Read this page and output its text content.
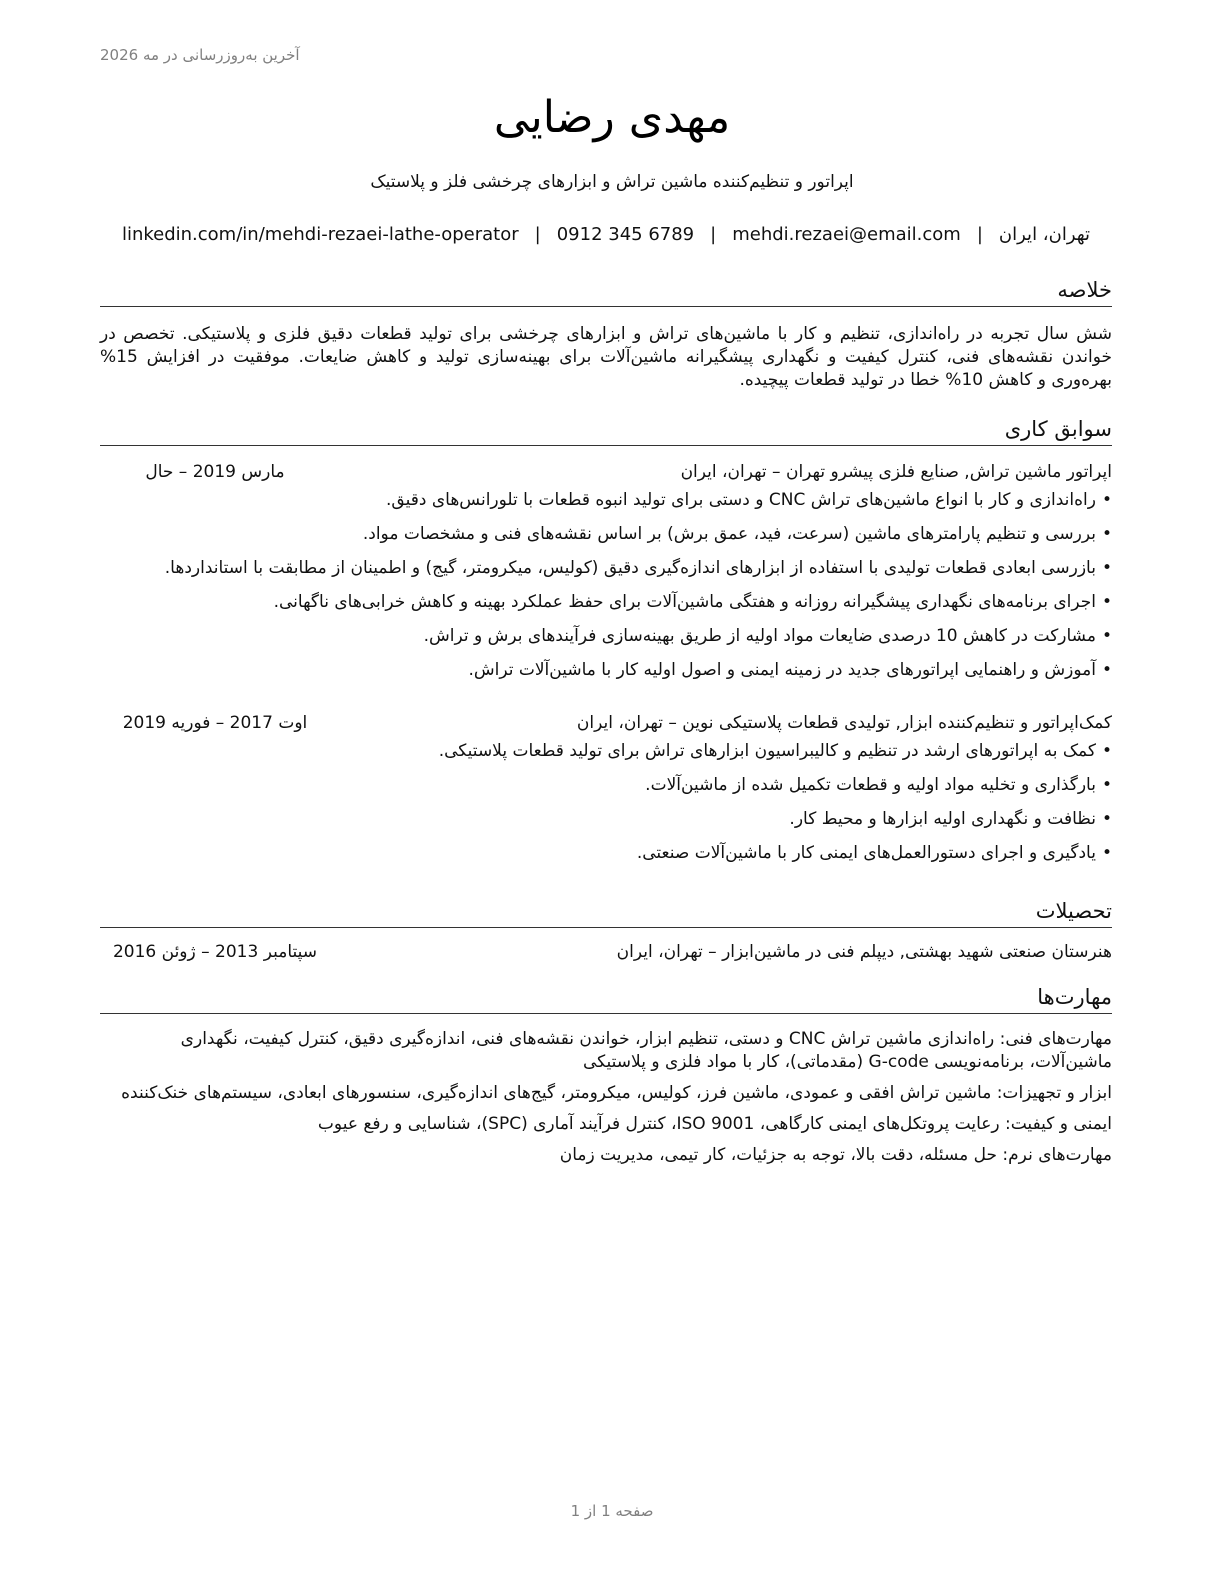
آخرین به‌روزرسانی در مه 2026
مهدی رضایی
اپراتور و تنظیم‌کننده ماشین تراش و ابزارهای چرخشی فلز و پلاستیک
تهران، ایران
|
mehdi.rezaei@email.com
|
0912 345 6789
|
linkedin.com/in/mehdi-rezaei-lathe-operator
خلاصه
شش سال تجربه در راه‌اندازی، تنظیم و کار با ماشین‌های تراش و ابزارهای چرخشی برای تولید قطعات دقیق فلزی و پلاستیکی. تخصص در خواندن نقشه‌های فنی، کنترل کیفیت و نگهداری پیشگیرانه ماشین‌آلات برای بهینه‌سازی تولید و کاهش ضایعات. موفقیت در افزایش 15% بهره‌وری و کاهش 10% خطا در تولید قطعات پیچیده.
سوابق کاری
اپراتور ماشین تراش, صنایع فلزی پیشرو تهران – تهران، ایران
مارس 2019 – حال
• راه‌اندازی و کار با انواع ماشین‌های تراش CNC و دستی برای تولید انبوه قطعات با تلورانس‌های دقیق.
• بررسی و تنظیم پارامترهای ماشین (سرعت، فید، عمق برش) بر اساس نقشه‌های فنی و مشخصات مواد.
• بازرسی ابعادی قطعات تولیدی با استفاده از ابزارهای اندازه‌گیری دقیق (کولیس، میکرومتر، گیج) و اطمینان از مطابقت با استانداردها.
• اجرای برنامه‌های نگهداری پیشگیرانه روزانه و هفتگی ماشین‌آلات برای حفظ عملکرد بهینه و کاهش خرابی‌های ناگهانی.
• مشارکت در کاهش 10 درصدی ضایعات مواد اولیه از طریق بهینه‌سازی فرآیندهای برش و تراش.
• آموزش و راهنمایی اپراتورهای جدید در زمینه ایمنی و اصول اولیه کار با ماشین‌آلات تراش.
کمک‌اپراتور و تنظیم‌کننده ابزار, تولیدی قطعات پلاستیکی نوین – تهران، ایران
اوت 2017 – فوریه 2019
• کمک به اپراتورهای ارشد در تنظیم و کالیبراسیون ابزارهای تراش برای تولید قطعات پلاستیکی.
• بارگذاری و تخلیه مواد اولیه و قطعات تکمیل شده از ماشین‌آلات.
• نظافت و نگهداری اولیه ابزارها و محیط کار.
• یادگیری و اجرای دستورالعمل‌های ایمنی کار با ماشین‌آلات صنعتی.
تحصیلات
هنرستان صنعتی شهید بهشتی, دیپلم فنی در ماشین‌ابزار – تهران، ایران
سپتامبر 2013 – ژوئن 2016
مهارت‌ها
مهارت‌های فنی: راه‌اندازی ماشین تراش CNC و دستی، تنظیم ابزار، خواندن نقشه‌های فنی، اندازه‌گیری دقیق، کنترل کیفیت، نگهداری ماشین‌آلات، برنامه‌نویسی G-code (مقدماتی)، کار با مواد فلزی و پلاستیکی
ابزار و تجهیزات: ماشین تراش افقی و عمودی، ماشین فرز، کولیس، میکرومتر، گیج‌های اندازه‌گیری، سنسورهای ابعادی، سیستم‌های خنک‌کننده
ایمنی و کیفیت: رعایت پروتکل‌های ایمنی کارگاهی، ISO 9001، کنترل فرآیند آماری (SPC)، شناسایی و رفع عیوب
مهارت‌های نرم: حل مسئله، دقت بالا، توجه به جزئیات، کار تیمی، مدیریت زمان
صفحه 1 از 1
